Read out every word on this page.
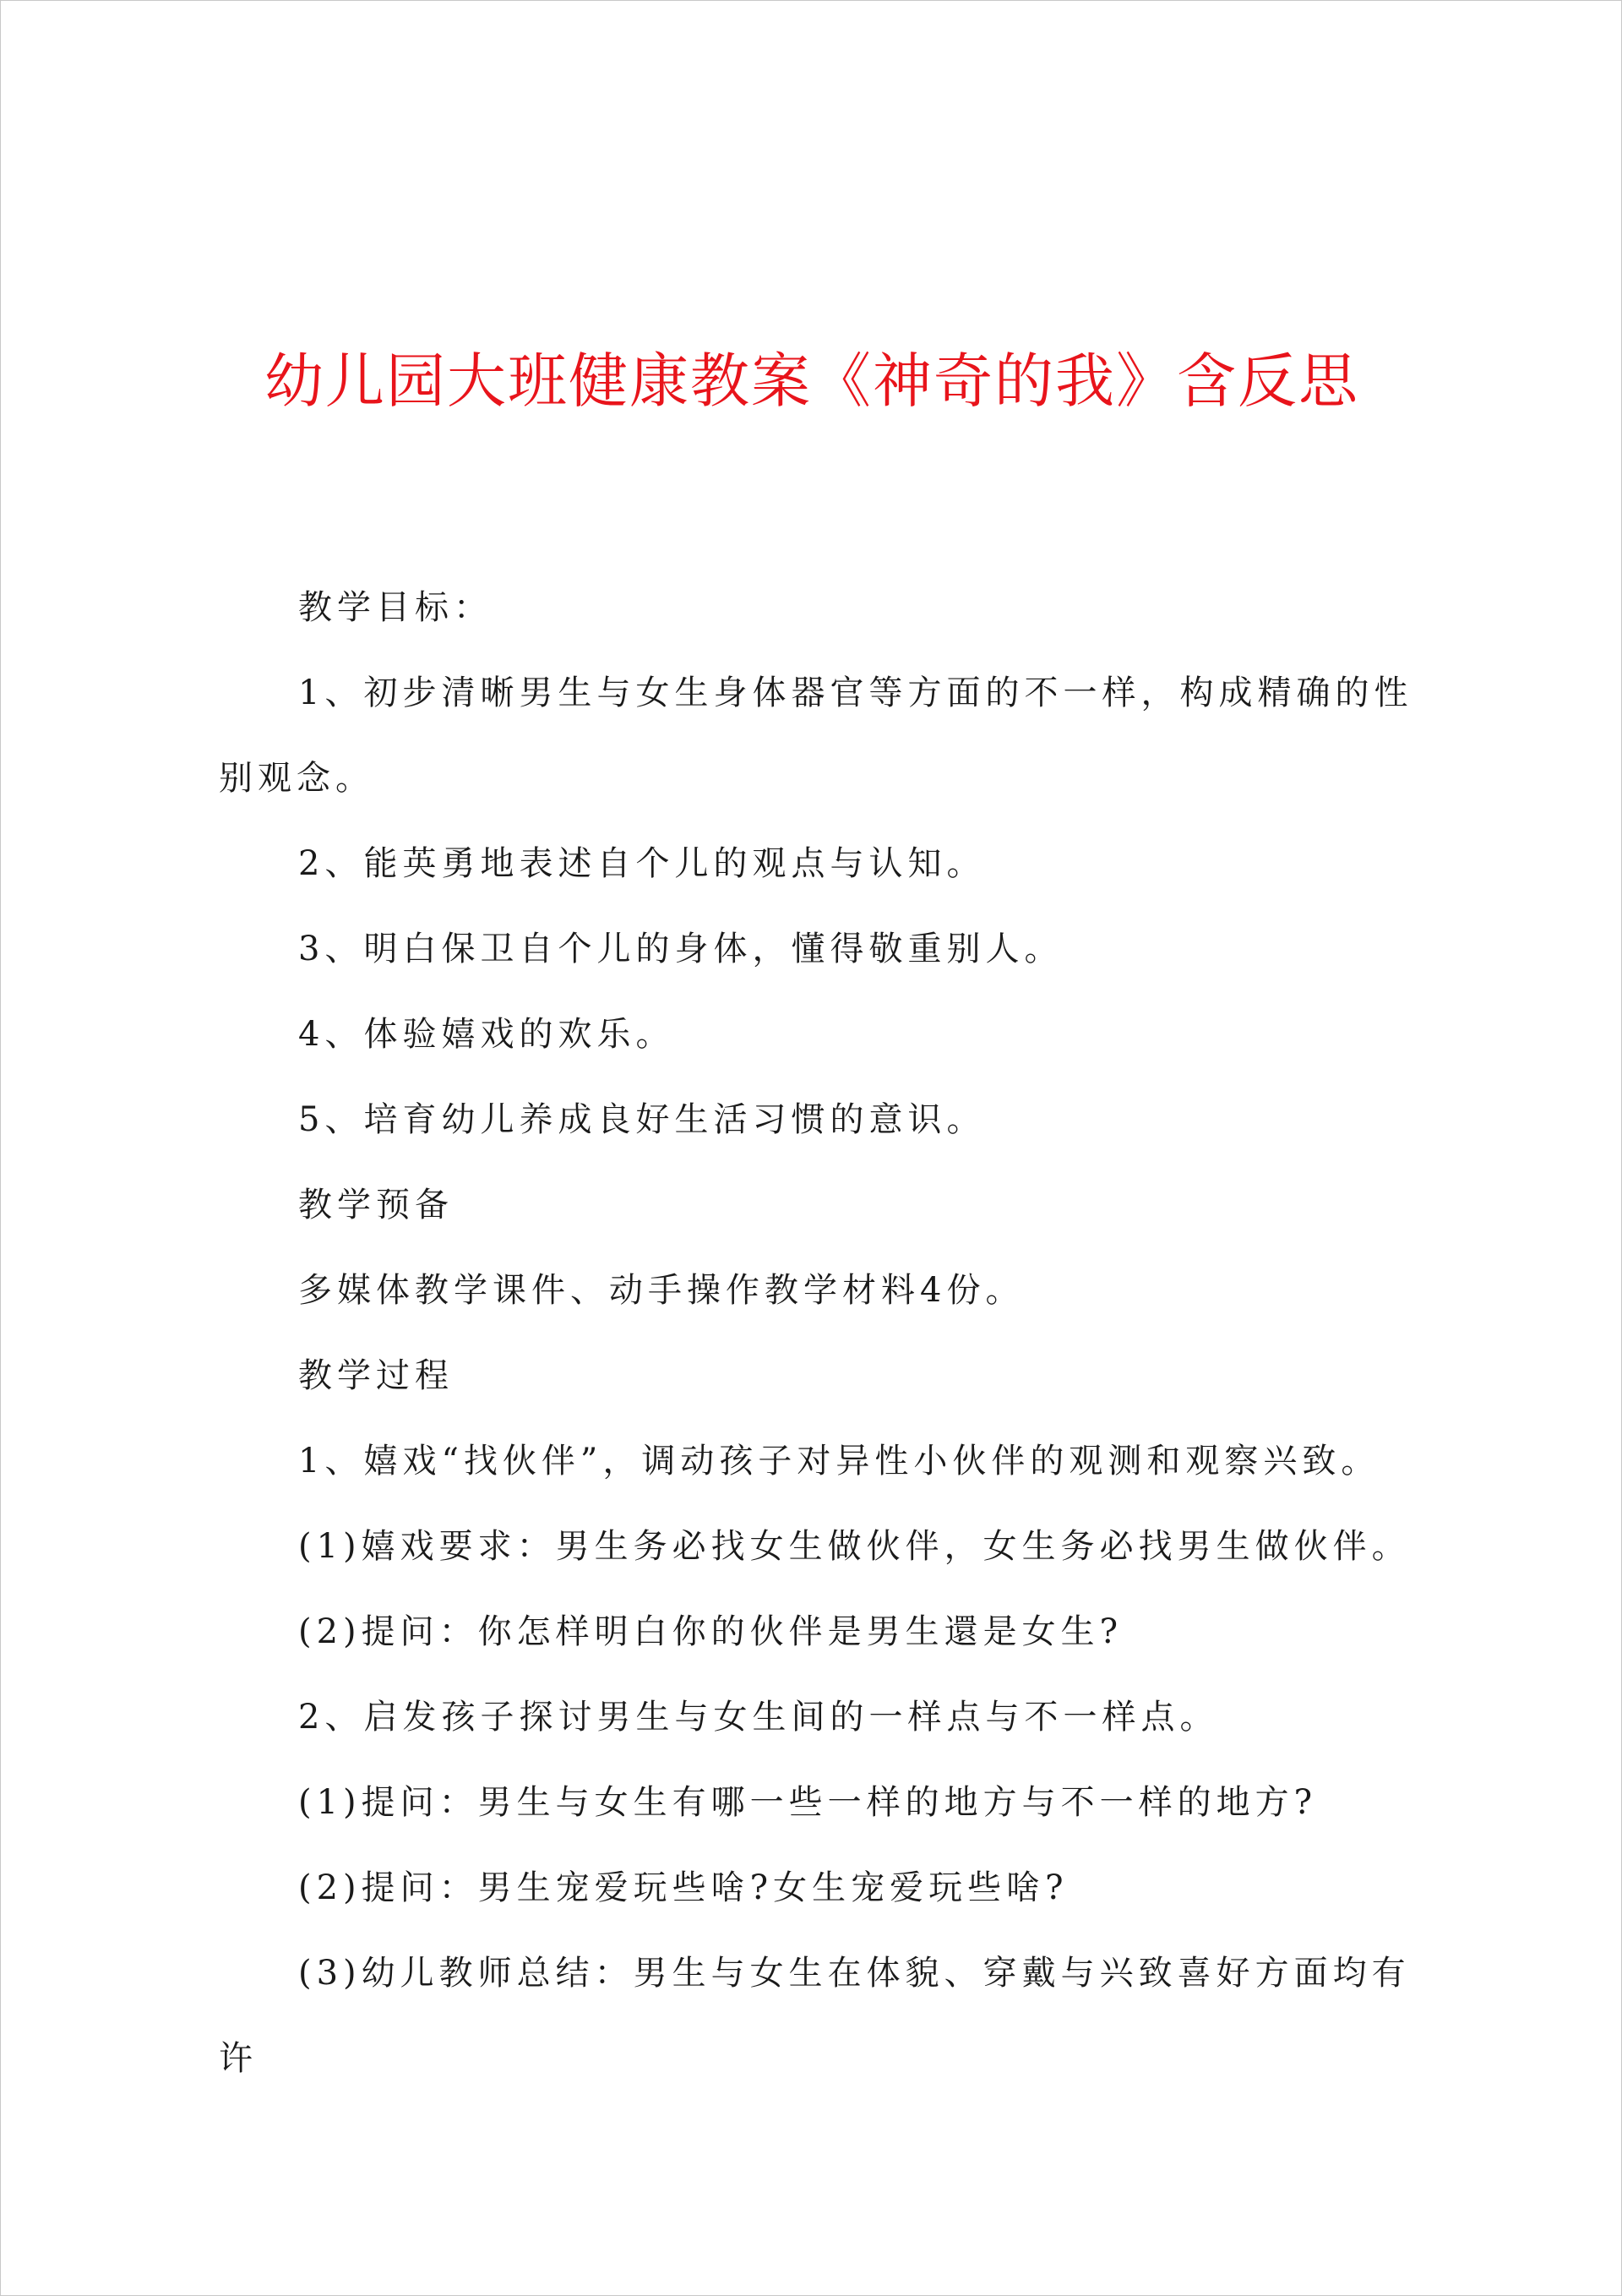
幼儿园大班健康教案《神奇的我》含反思

教学目标：

1、初步清晰男生与女生身体器官等方面的不一样，构成精确的性别观念。

2、能英勇地表述自个儿的观点与认知。

3、明白保卫自个儿的身体，懂得敬重别人。

4、体验嬉戏的欢乐。

5、培育幼儿养成良好生活习惯的意识。

教学预备

多媒体教学课件、动手操作教学材料4份。

教学过程

1、嬉戏“找伙伴”，调动孩子对异性小伙伴的观测和观察兴致。

(1)嬉戏要求：男生务必找女生做伙伴，女生务必找男生做伙伴。

(2)提问：你怎样明白你的伙伴是男生還是女生?

2、启发孩子探讨男生与女生间的一样点与不一样点。

(1)提问：男生与女生有哪一些一样的地方与不一样的地方?

(2)提问：男生宠爱玩些啥?女生宠爱玩些啥?

(3)幼儿教师总结：男生与女生在体貌、穿戴与兴致喜好方面均有许
